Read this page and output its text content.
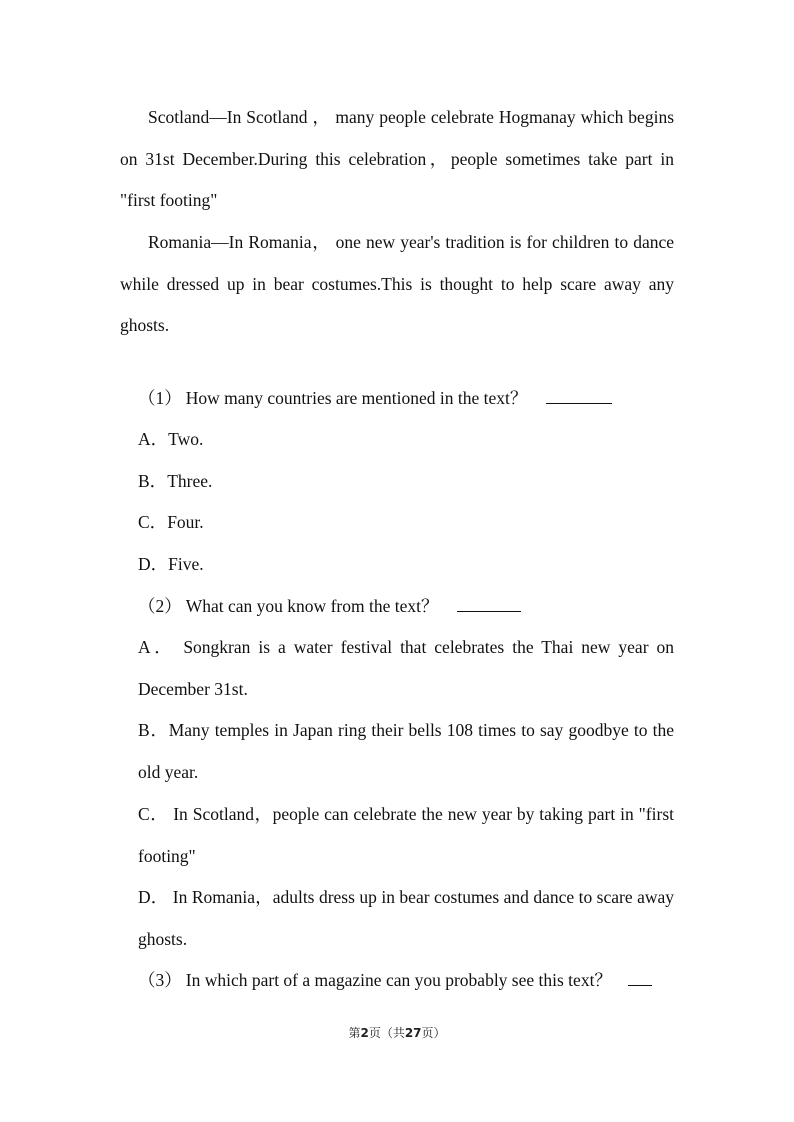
Scotland—In Scotland ， many people celebrate Hogmanay which begins on 31st December.During this celebration，people sometimes take part in "first footing"

Romania—In Romania， one new year's tradition is for children to dance while dressed up in bear costumes.This is thought to help scare away any ghosts.

（1） How many countries are mentioned in the text？
A．Two.
B．Three.
C．Four.
D．Five.
（2） What can you know from the text？
A． Songkran is a water festival that celebrates the Thai new year on December 31st.
B．Many temples in Japan ring their bells 108 times to say goodbye to the old year.
C． In Scotland，people can celebrate the new year by taking part in "first footing"
D． In Romania，adults dress up in bear costumes and dance to scare away ghosts.
（3） In which part of a magazine can you probably see this text？
第2页（共27页）
